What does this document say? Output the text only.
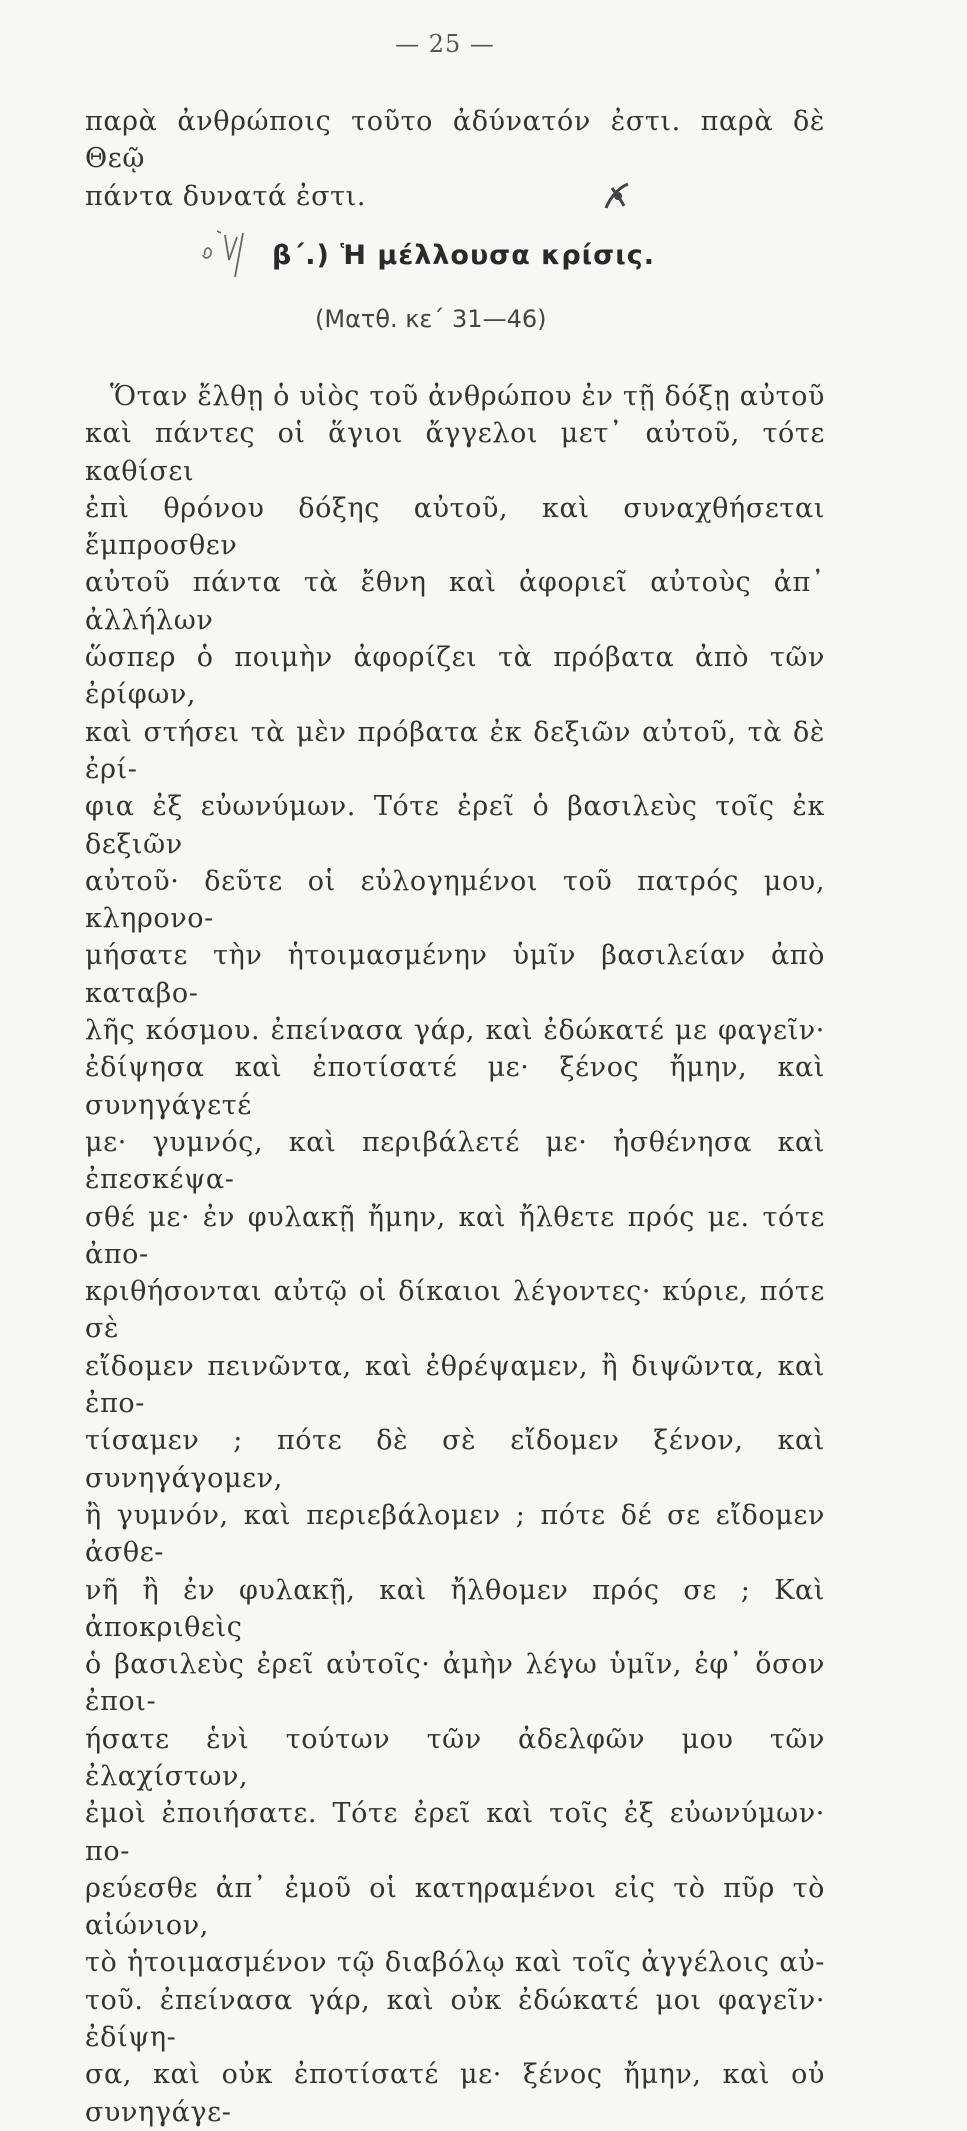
— 25 —
παρὰ ἀνθρώποις τοῦτο ἀδύνατόν ἐστι. παρὰ δὲ Θεῷ
πάντα δυνατά ἐστι.
β΄.) Ἡ μέλλουσα κρίσις.
(Ματθ. κε΄ 31—46)
Ὅταν ἔλθῃ ὁ υἱὸς τοῦ ἀνθρώπου ἐν τῇ δόξῃ αὐτοῦ
καὶ πάντες οἱ ἅγιοι ἄγγελοι μετ᾿ αὐτοῦ, τότε καθίσει
ἐπὶ θρόνου δόξης αὐτοῦ, καὶ συναχθήσεται ἔμπροσθεν
αὐτοῦ πάντα τὰ ἔθνη καὶ ἀφοριεῖ αὐτοὺς ἀπ᾿ ἀλλήλων
ὥσπερ ὁ ποιμὴν ἀφορίζει τὰ πρόβατα ἀπὸ τῶν ἐρίφων,
καὶ στήσει τὰ μὲν πρόβατα ἐκ δεξιῶν αὐτοῦ, τὰ δὲ ἐρί-
φια ἐξ εὐωνύμων. Τότε ἐρεῖ ὁ βασιλεὺς τοῖς ἐκ δεξιῶν
αὐτοῦ· δεῦτε οἱ εὐλογημένοι τοῦ πατρός μου, κληρονο-
μήσατε τὴν ἡτοιμασμένην ὑμῖν βασιλείαν ἀπὸ καταβο-
λῆς κόσμου. ἐπείνασα γάρ, καὶ ἐδώκατέ με φαγεῖν·
ἐδίψησα καὶ ἐποτίσατέ με· ξένος ἤμην, καὶ συνηγάγετέ
με· γυμνός, καὶ περιβάλετέ με· ἠσθένησα καὶ ἐπεσκέψα-
σθέ με· ἐν φυλακῇ ἤμην, καὶ ἤλθετε πρός με. τότε ἀπο-
κριθήσονται αὐτῷ οἱ δίκαιοι λέγοντες· κύριε, πότε σὲ
εἴδομεν πεινῶντα, καὶ ἐθρέψαμεν, ἢ διψῶντα, καὶ ἐπο-
τίσαμεν ; πότε δὲ σὲ εἴδομεν ξένον, καὶ συνηγάγομεν,
ἢ γυμνόν, καὶ περιεβάλομεν ; πότε δέ σε εἴδομεν ἀσθε-
νῆ ἢ ἐν φυλακῇ, καὶ ἤλθομεν πρός σε ; Καὶ ἀποκριθεὶς
ὁ βασιλεὺς ἐρεῖ αὐτοῖς· ἀμὴν λέγω ὑμῖν, ἐφ᾿ ὅσον ἐποι-
ήσατε ἑνὶ τούτων τῶν ἀδελφῶν μου τῶν ἐλαχίστων,
ἐμοὶ ἐποιήσατε. Τότε ἐρεῖ καὶ τοῖς ἐξ εὐωνύμων· πο-
ρεύεσθε ἀπ᾿ ἐμοῦ οἱ κατηραμένοι εἰς τὸ πῦρ τὸ αἰώνιον,
τὸ ἡτοιμασμένον τῷ διαβόλῳ καὶ τοῖς ἀγγέλοις αὐ-
τοῦ. ἐπείνασα γάρ, καὶ οὐκ ἐδώκατέ μοι φαγεῖν· ἐδίψη-
σα, καὶ οὐκ ἐποτίσατέ με· ξένος ἤμην, καὶ οὐ συνηγάγε-
